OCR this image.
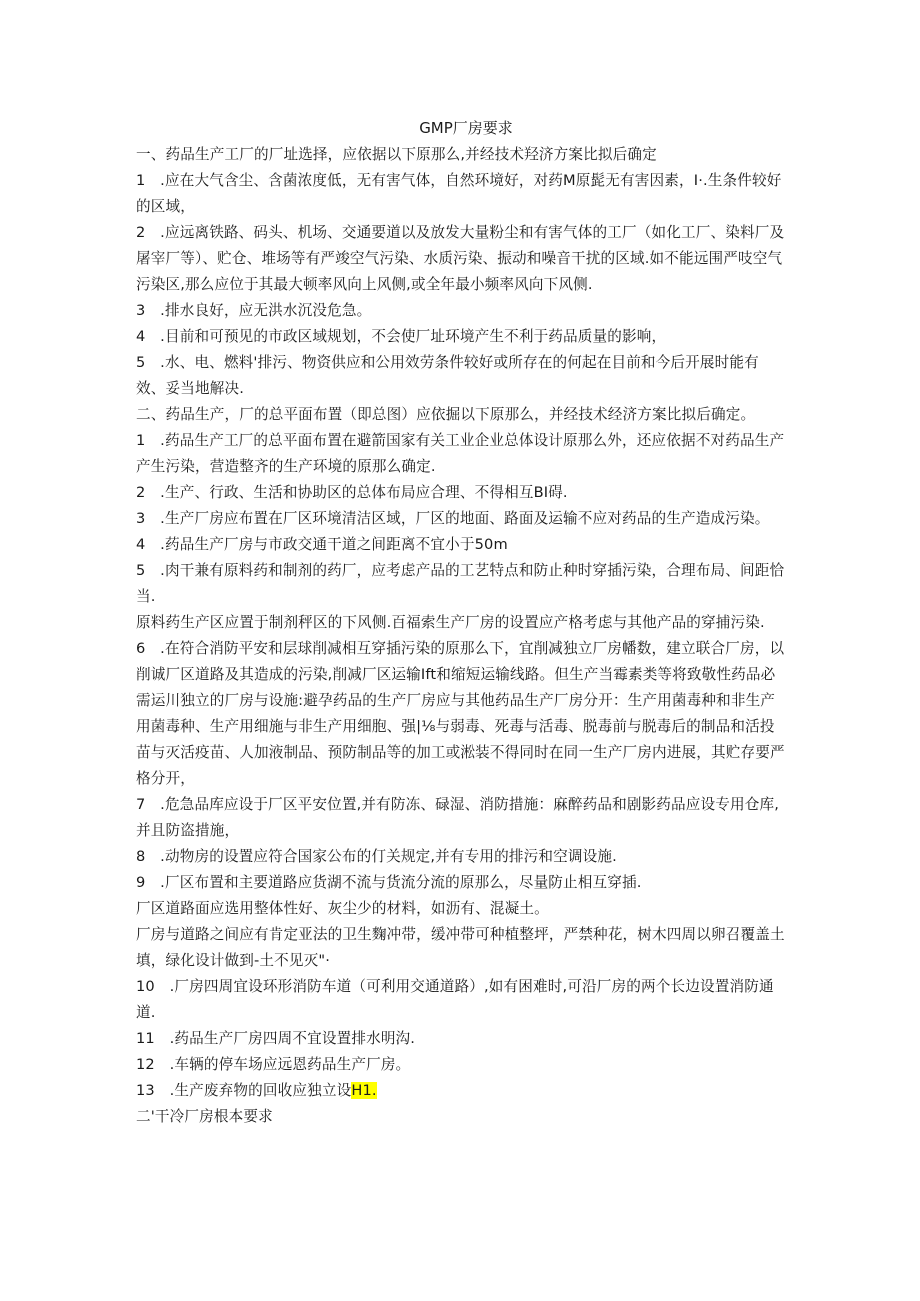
GMP厂房要求

一、药品生产工厂的厂址选择，应依据以下原那么,并经技术羟济方案比拟后确定

1　.应在大气含尘、含菌浓度低，无有害气体，自然环境好，对药M原髭无有害因素，I·.生条件较好的区域，

2　.应远离铁路、码头、机场、交通要道以及放发大量粉尘和有害气体的工厂（如化工厂、染料厂及屠宰厂等）、贮仓、堆场等有严竣空气污染、水质污染、振动和噪音干扰的区域.如不能远围严吱空气污染区,那么应位于其最大顿率风向上风侧,或全年最小频率风向下风侧.

3　.排水良好，应无洪水沉没危急。

4　.目前和可预见的市政区域规划，不会使厂址环境产生不利于药品质量的影响，

5　.水、电、燃料'排污、物资供应和公用效劳条件较好或所存在的何起在目前和今后开展时能有效、妥当地解决.

二、药品生产，厂的总平面布置（即总图）应依掘以下原那么，并经技术经济方案比拟后确定。

1　.药品生产工厂的总平面布置在避箭国家有关工业企业总体设计原那么外，还应依据不对药品生产产生污染，营造整齐的生产环境的原那么确定.

2　.生产、行政、生活和协助区的总体布局应合理、不得相互BI碍.

3　.生产厂房应布置在厂区环境清洁区域，厂区的地面、路面及运输不应对药品的生产造成污染。

4　.药品生产厂房与市政交通干道之间距离不宜小于50m

5　.肉干兼有原料药和制剂的药厂，应考虑产品的工艺特点和防止种时穿插污染，合理布局、间距恰当.

原料药生产区应置于制剂秤区的下风侧.百福索生产厂房的设置应产格考虑与其他产品的穿捕污染.

6　.在符合消防平安和层球削减相互穿插污染的原那么下，宜削减独立厂房幡数，建立联合厂房，以削诚厂区道路及其造成的污染,削减厂区运输Ift和缩短运输线路。但生产当霉素类等将致敬性药品必需运川独立的厂房与设施:避孕药品的生产厂房应与其他药品生产厂房分开：生产用菌毒种和非生产用菌毒种、生产用细施与非生产用细胞、强|⅛与弱毒、死毒与活毒、脱毒前与脱毒后的制品和活投苗与灭活疫苗、人加液制品、预防制品等的加工或淞装不得同时在同一生产厂房内进展，其贮存要严格分开，

7　.危急品库应设于厂区平安位置,并有防冻、碌湿、消防措施：麻醉药品和剧影药品应设专用仓库,并且防盗措施，

8　.动物房的设置应符合国家公布的仃关规定,并有专用的排污和空调设施.

9　.厂区布置和主要道路应货湖不流与货流分流的原那么，尽量防止相互穿插.

厂区道路面应选用整体性好、灰尘少的材料，如沥有、混凝土。

厂房与道路之间应有肯定亚法的卫生麴冲带，缓冲带可种植整坪，严禁种花，树木四周以卵召覆盖土填，绿化设计做到-土不见灭"·

10　.厂房四周宜设环形消防车道（可利用交通道路）,如有困难时,可沿厂房的两个长边设置消防通道.

11　.药品生产厂房四周不宜设置排水明沟.

12　.车辆的停车场应远恩药品生产厂房。

13　.生产废弃物的回收应独立设H1.

二'干冷厂房根本要求
